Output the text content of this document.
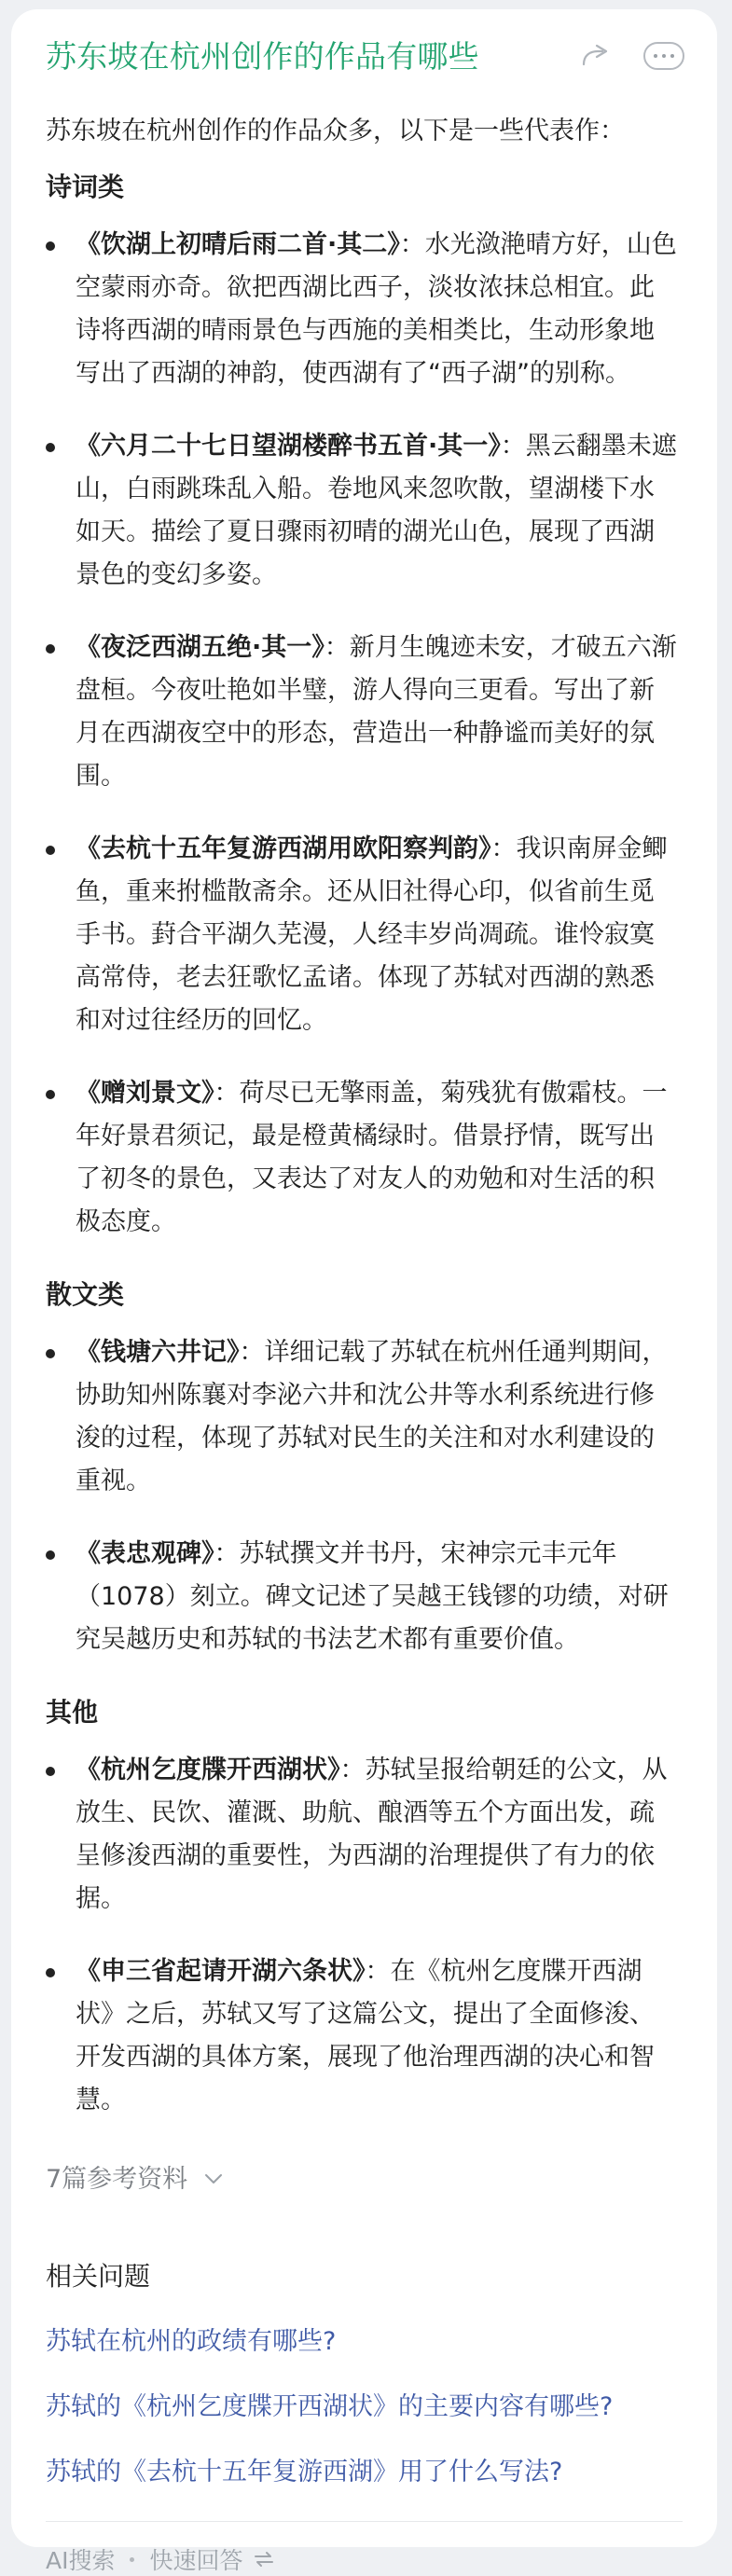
苏东坡在杭州创作的作品有哪些
苏东坡在杭州创作的作品众多，以下是一些代表作：
诗词类
《饮湖上初晴后雨二首·其二》：水光潋滟晴方好，山色空蒙雨亦奇。欲把西湖比西子，淡妆浓抹总相宜。此诗将西湖的晴雨景色与西施的美相类比，生动形象地写出了西湖的神韵，使西湖有了“西子湖”的别称。
《六月二十七日望湖楼醉书五首·其一》：黑云翻墨未遮山，白雨跳珠乱入船。卷地风来忽吹散，望湖楼下水如天。描绘了夏日骤雨初晴的湖光山色，展现了西湖景色的变幻多姿。
《夜泛西湖五绝·其一》：新月生魄迹未安，才破五六渐盘桓。今夜吐艳如半璧，游人得向三更看。写出了新月在西湖夜空中的形态，营造出一种静谧而美好的氛围。
《去杭十五年复游西湖用欧阳察判韵》：我识南屏金鲫鱼，重来拊槛散斋余。还从旧社得心印，似省前生觅手书。葑合平湖久芜漫，人经丰岁尚凋疏。谁怜寂寞高常侍，老去狂歌忆孟诸。体现了苏轼对西湖的熟悉和对过往经历的回忆。
《赠刘景文》：荷尽已无擎雨盖，菊残犹有傲霜枝。一年好景君须记，最是橙黄橘绿时。借景抒情，既写出了初冬的景色，又表达了对友人的劝勉和对生活的积极态度。
散文类
《钱塘六井记》：详细记载了苏轼在杭州任通判期间，协助知州陈襄对李泌六井和沈公井等水利系统进行修浚的过程，体现了苏轼对民生的关注和对水利建设的重视。
《表忠观碑》：苏轼撰文并书丹，宋神宗元丰元年（1078）刻立。碑文记述了吴越王钱镠的功绩，对研究吴越历史和苏轼的书法艺术都有重要价值。
其他
《杭州乞度牒开西湖状》：苏轼呈报给朝廷的公文，从放生、民饮、灌溉、助航、酿酒等五个方面出发，疏呈修浚西湖的重要性，为西湖的治理提供了有力的依据。
《申三省起请开湖六条状》：在《杭州乞度牒开西湖状》之后，苏轼又写了这篇公文，提出了全面修浚、开发西湖的具体方案，展现了他治理西湖的决心和智慧。
7篇参考资料
相关问题
苏轼在杭州的政绩有哪些?
苏轼的《杭州乞度牒开西湖状》的主要内容有哪些?
苏轼的《去杭十五年复游西湖》用了什么写法?
AI搜索 快速回答
